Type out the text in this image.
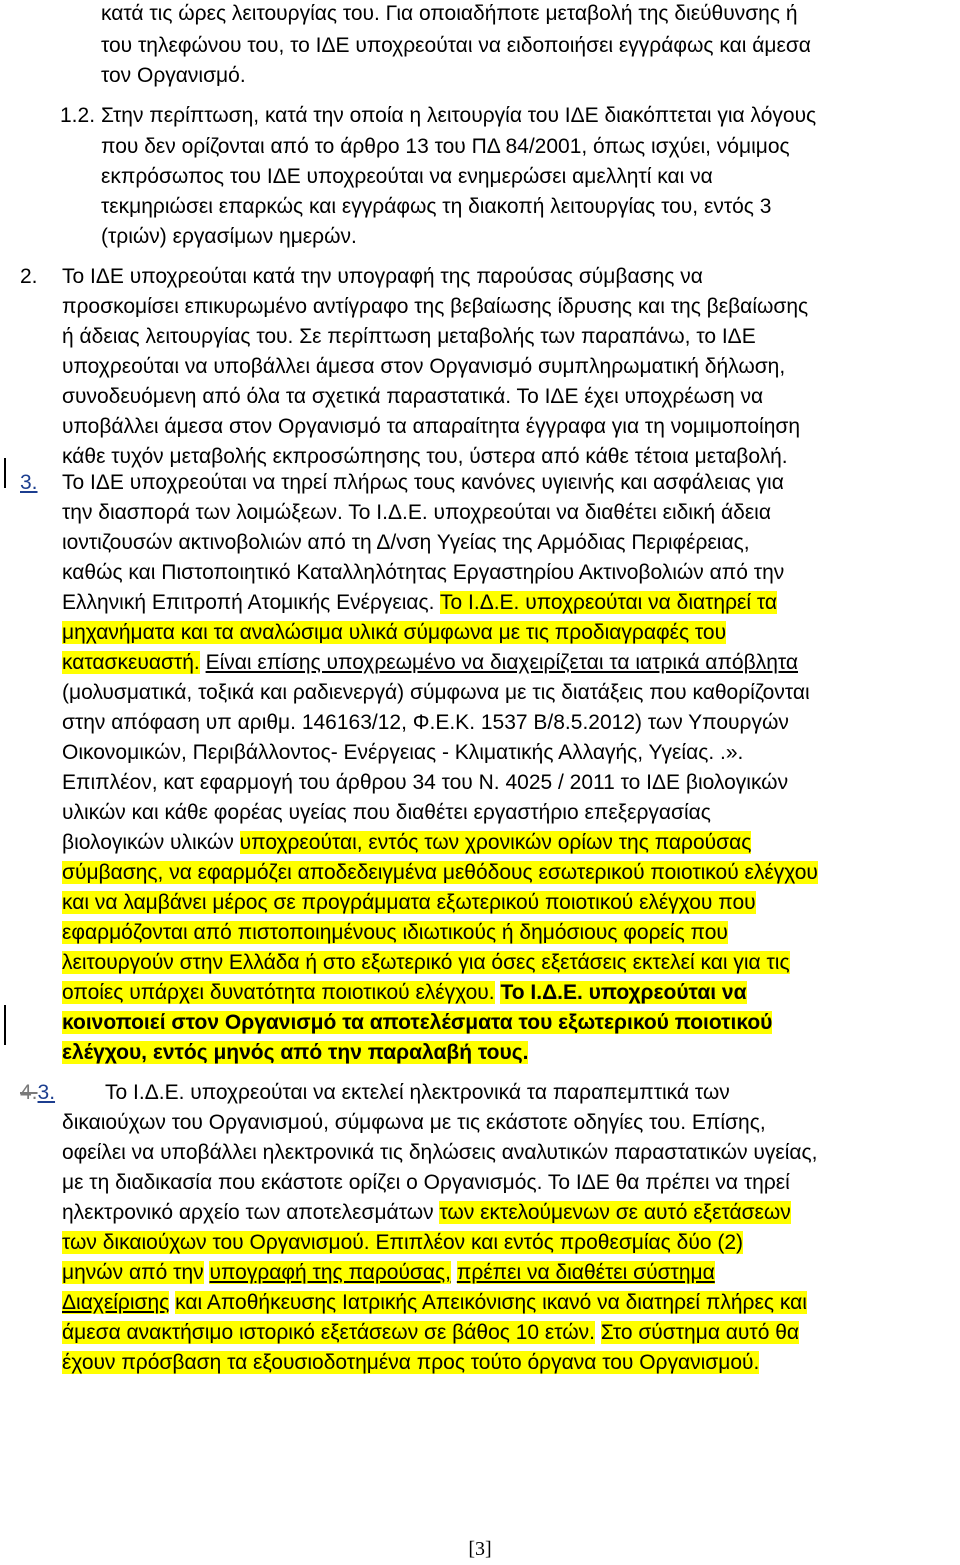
κατά τις ώρες λειτουργίας του. Για οποιαδήποτε μεταβολή της διεύθυνσης ή
του τηλεφώνου του, το ΙΔΕ υποχρεούται να ειδοποιήσει εγγράφως και άμεσα
τον Οργανισμό.
1.2. Στην περίπτωση, κατά την οποία η λειτουργία του ΙΔΕ διακόπτεται για λόγους
που δεν ορίζονται από το άρθρο 13 του ΠΔ 84/2001, όπως ισχύει, νόμιμος
εκπρόσωπος του ΙΔΕ υποχρεούται να ενημερώσει αμελλητί και να
τεκμηριώσει επαρκώς και εγγράφως τη διακοπή λειτουργίας του, εντός 3
(τριών) εργασίμων ημερών.
2. Το ΙΔΕ υποχρεούται κατά την υπογραφή της παρούσας σύμβασης να
προσκομίσει επικυρωμένο αντίγραφο της βεβαίωσης ίδρυσης και της βεβαίωσης
ή άδειας λειτουργίας του. Σε περίπτωση μεταβολής των παραπάνω, το ΙΔΕ
υποχρεούται να υποβάλλει άμεσα στον Οργανισμό συμπληρωματική δήλωση,
συνοδευόμενη από όλα τα σχετικά παραστατικά. Το ΙΔΕ έχει υποχρέωση να
υποβάλλει άμεσα στον Οργανισμό τα απαραίτητα έγγραφα για τη νομιμοποίηση
κάθε τυχόν μεταβολής εκπροσώπησης του, ύστερα από κάθε τέτοια μεταβολή.
3. Το ΙΔΕ υποχρεούται να τηρεί πλήρως τους κανόνες υγιεινής και ασφάλειας για
την διασπορά των λοιμώξεων. Το Ι.Δ.Ε. υποχρεούται να διαθέτει ειδική άδεια
ιοντιζουσών ακτινοβολιών από τη Δ/νση Υγείας της Αρμόδιας Περιφέρειας,
καθώς και Πιστοποιητικό Καταλληλότητας Εργαστηρίου Ακτινοβολιών από την
Ελληνική Επιτροπή Ατομικής Ενέργειας. Το Ι.Δ.Ε. υποχρεούται να διατηρεί τα
μηχανήματα και τα αναλώσιμα υλικά σύμφωνα με τις προδιαγραφές του
κατασκευαστή. Είναι επίσης υποχρεωμένο να διαχειρίζεται τα ιατρικά απόβλητα
(μολυσματικά, τοξικά και ραδιενεργά) σύμφωνα με τις διατάξεις που καθορίζονται
στην απόφαση υπ αριθμ. 146163/12, Φ.Ε.Κ. 1537 Β/8.5.2012) των Υπουργών
Οικονομικών, Περιβάλλοντος- Ενέργειας - Κλιματικής Αλλαγής, Υγείας. .».
Επιπλέον, κατ εφαρμογή του άρθρου 34 του Ν. 4025 / 2011 το ΙΔΕ βιολογικών
υλικών και κάθε φορέας υγείας που διαθέτει εργαστήριο επεξεργασίας
βιολογικών υλικών υποχρεούται, εντός των χρονικών ορίων της παρούσας
σύμβασης, να εφαρμόζει αποδεδειγμένα μεθόδους εσωτερικού ποιοτικού ελέγχου
και να λαμβάνει μέρος σε προγράμματα εξωτερικού ποιοτικού ελέγχου που
εφαρμόζονται από πιστοποιημένους ιδιωτικούς ή δημόσιους φορείς που
λειτουργούν στην Ελλάδα ή στο εξωτερικό για όσες εξετάσεις εκτελεί και για τις
οποίες υπάρχει δυνατότητα ποιοτικού ελέγχου. Το Ι.Δ.Ε. υποχρεούται να
κοινοποιεί στον Οργανισμό τα αποτελέσματα του εξωτερικού ποιοτικού
ελέγχου, εντός μηνός από την παραλαβή τους.
4.3. Το Ι.Δ.Ε. υποχρεούται να εκτελεί ηλεκτρονικά τα παραπεμπτικά των
δικαιούχων του Οργανισμού, σύμφωνα με τις εκάστοτε οδηγίες του. Επίσης,
οφείλει να υποβάλλει ηλεκτρονικά τις δηλώσεις αναλυτικών παραστατικών υγείας,
με τη διαδικασία που εκάστοτε ορίζει ο Οργανισμός. Το ΙΔΕ θα πρέπει να τηρεί
ηλεκτρονικό αρχείο των αποτελεσμάτων των εκτελούμενων σε αυτό εξετάσεων
των δικαιούχων του Οργανισμού. Επιπλέον και εντός προθεσμίας δύο (2)
μηνών από την υπογραφή της παρούσας, πρέπει να διαθέτει σύστημα
Διαχείρισης και Αποθήκευσης Ιατρικής Απεικόνισης ικανό να διατηρεί πλήρες και
άμεσα ανακτήσιμο ιστορικό εξετάσεων σε βάθος 10 ετών. Στο σύστημα αυτό θα
έχουν πρόσβαση τα εξουσιοδοτημένα προς τούτο όργανα του Οργανισμού.
[3]
